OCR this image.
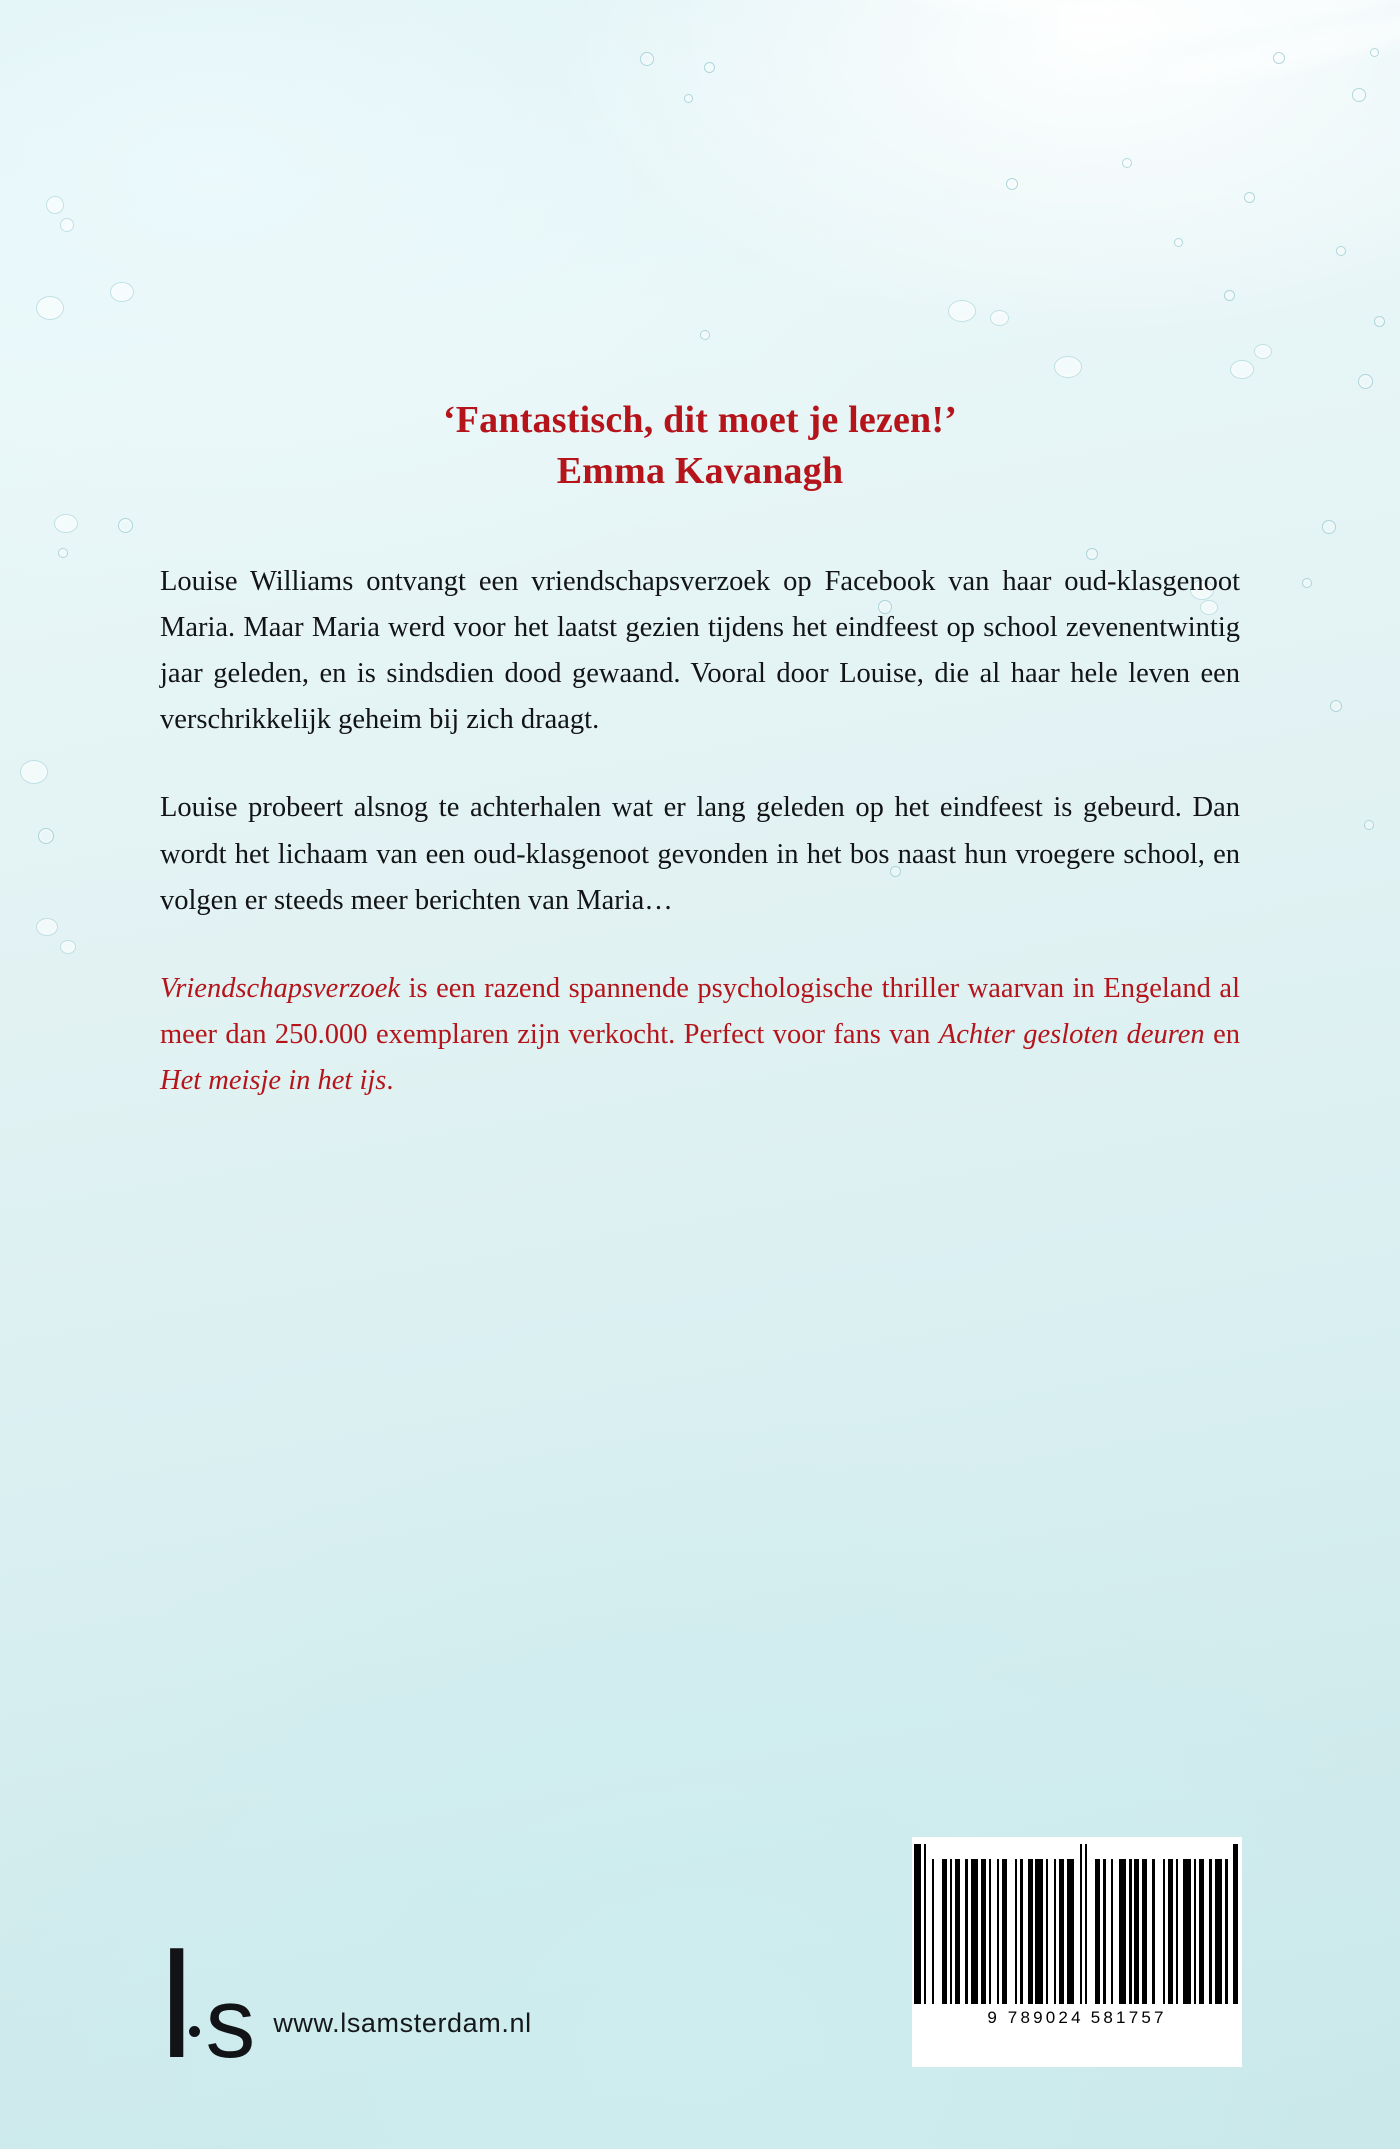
‘Fantastisch, dit moet je lezen!’
Emma Kavanagh

Louise Williams ontvangt een vriendschapsverzoek op Facebook van haar oud-klasgenoot Maria. Maar Maria werd voor het laatst gezien tijdens het eindfeest op school zevenentwintig jaar geleden, en is sindsdien dood gewaand. Vooral door Louise, die al haar hele leven een verschrikkelijk geheim bij zich draagt.

Louise probeert alsnog te achterhalen wat er lang geleden op het eindfeest is gebeurd. Dan wordt het lichaam van een oud-klasgenoot gevonden in het bos naast hun vroegere school, en volgen er steeds meer berichten van Maria…

Vriendschapsverzoek is een razend spannende psychologische thriller waarvan in Engeland al meer dan 250.000 exemplaren zijn verkocht. Perfect voor fans van Achter gesloten deuren en Het meisje in het ijs.

l s www.lsamsterdam.nl	9 789024 581757
